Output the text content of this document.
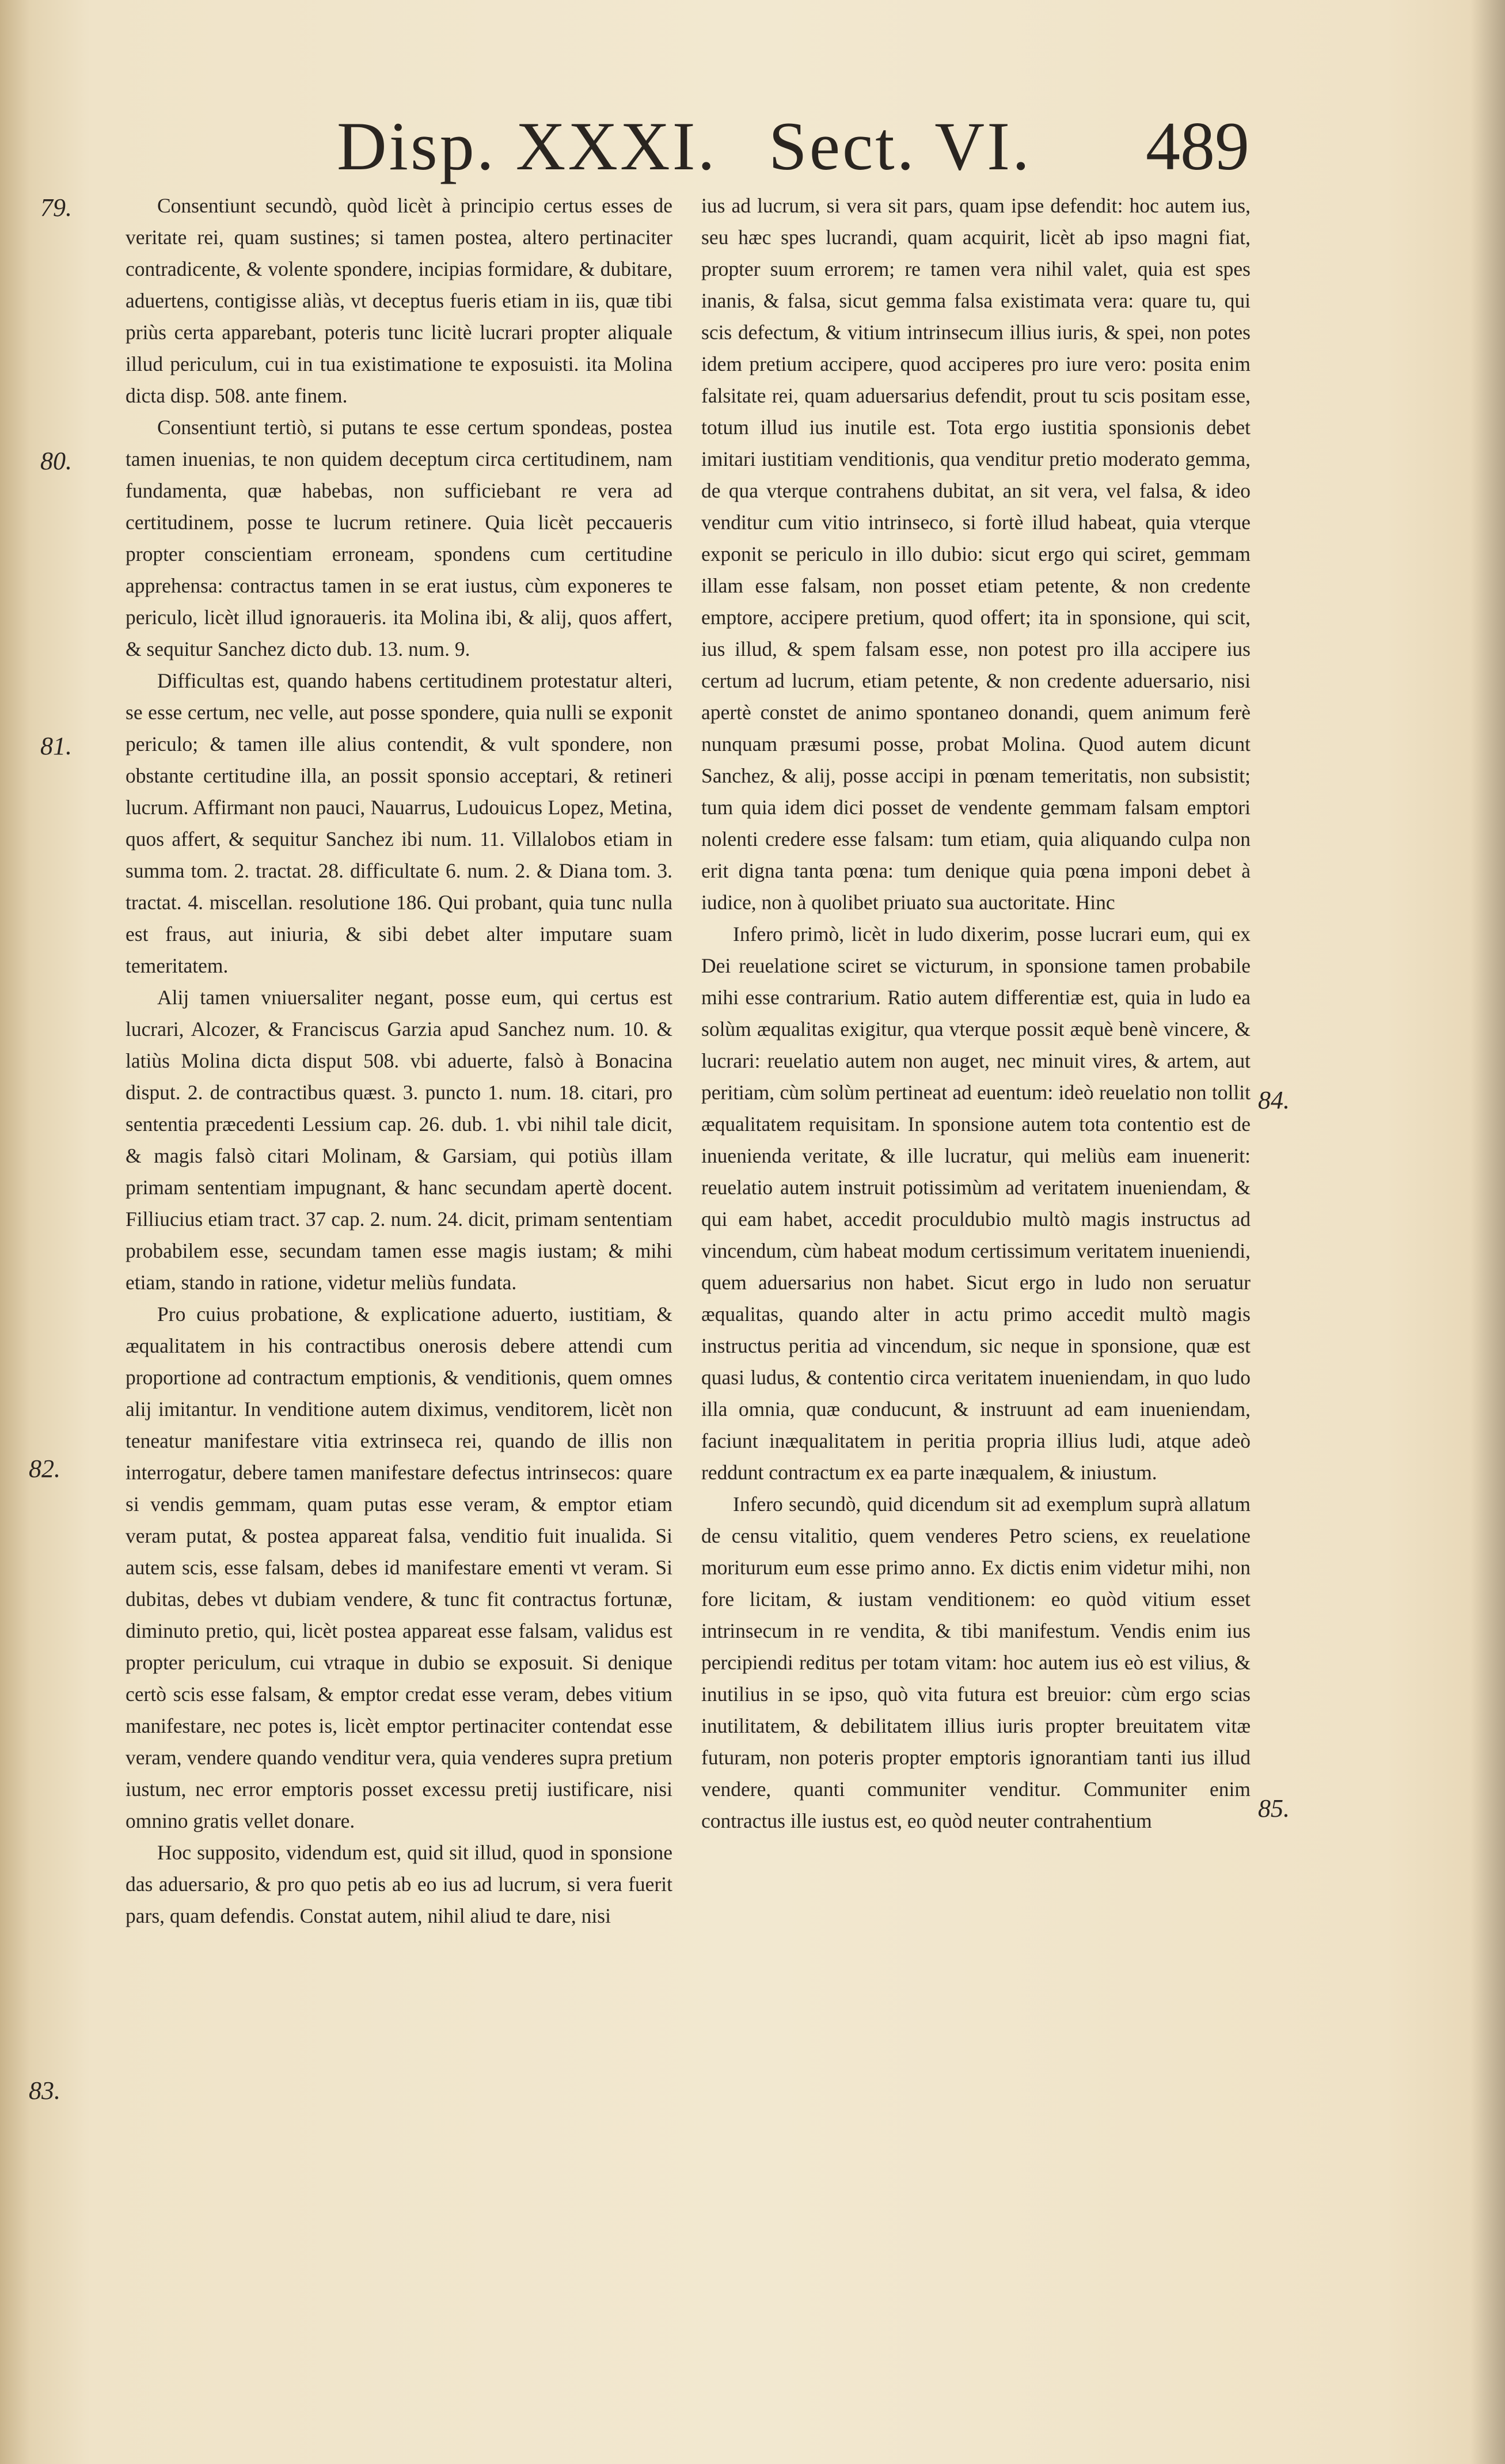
Disp. XXXI. Sect. VI. 489
79.
80.
81.
82.
83.
84.
85.

Consentiunt secundò, quòd licèt à principio certus esses de veritate rei, quam sustines; si tamen postea, altero pertinaciter contradicente, & volente spondere, incipias formidare, & dubitare, aduertens, contigisse aliàs, vt deceptus fueris etiam in iis, quæ tibi priùs certa apparebant, poteris tunc licitè lucrari propter aliquale illud periculum, cui in tua existimatione te exposuisti. ita Molina dicta disp. 508. ante finem.

Consentiunt tertiò, si putans te esse certum spondeas, postea tamen inuenias, te non quidem deceptum circa certitudinem, nam fundamenta, quæ habebas, non sufficiebant re vera ad certitudinem, posse te lucrum retinere. Quia licèt peccaueris propter conscientiam erroneam, spondens cum certitudine apprehensa: contractus tamen in se erat iustus, cùm exponeres te periculo, licèt illud ignoraueris. ita Molina ibi, & alij, quos affert, & sequitur Sanchez dicto dub. 13. num. 9.

Difficultas est, quando habens certitudinem protestatur alteri, se esse certum, nec velle, aut posse spondere, quia nulli se exponit periculo; & tamen ille alius contendit, & vult spondere, non obstante certitudine illa, an possit sponsio acceptari, & retineri lucrum. Affirmant non pauci, Nauarrus, Ludouicus Lopez, Metina, quos affert, & sequitur Sanchez ibi num. 11. Villalobos etiam in summa tom. 2. tractat. 28. difficultate 6. num. 2. & Diana tom. 3. tractat. 4. miscellan. resolutione 186. Qui probant, quia tunc nulla est fraus, aut iniuria, & sibi debet alter imputare suam temeritatem.

Alij tamen vniuersaliter negant, posse eum, qui certus est lucrari, Alcozer, & Franciscus Garzia apud Sanchez num. 10. & latiùs Molina dicta disput 508. vbi aduerte, falsò à Bonacina disput. 2. de contractibus quæst. 3. puncto 1. num. 18. citari, pro sententia præcedenti Lessium cap. 26. dub. 1. vbi nihil tale dicit, & magis falsò citari Molinam, & Garsiam, qui potiùs illam primam sententiam impugnant, & hanc secundam apertè docent. Filliucius etiam tract. 37 cap. 2. num. 24. dicit, primam sententiam probabilem esse, secundam tamen esse magis iustam; & mihi etiam, stando in ratione, videtur meliùs fundata.

Pro cuius probatione, & explicatione aduerto, iustitiam, & æqualitatem in his contractibus onerosis debere attendi cum proportione ad contractum emptionis, & venditionis, quem omnes alij imitantur. In venditione autem diximus, venditorem, licèt non teneatur manifestare vitia extrinseca rei, quando de illis non interrogatur, debere tamen manifestare defectus intrinsecos: quare si vendis gemmam, quam putas esse veram, & emptor etiam veram putat, & postea appareat falsa, venditio fuit inualida. Si autem scis, esse falsam, debes id manifestare ementi vt veram. Si dubitas, debes vt dubiam vendere, & tunc fit contractus fortunæ, diminuto pretio, qui, licèt postea appareat esse falsam, validus est propter periculum, cui vtraque in dubio se exposuit. Si denique certò scis esse falsam, & emptor credat esse veram, debes vitium manifestare, nec potes is, licèt emptor pertinaciter contendat esse veram, vendere quando venditur vera, quia venderes supra pretium iustum, nec error emptoris posset excessu pretij iustificare, nisi omnino gratis vellet donare.

Hoc supposito, videndum est, quid sit illud, quod in sponsione das aduersario, & pro quo petis ab eo ius ad lucrum, si vera fuerit pars, quam defendis. Constat autem, nihil aliud te dare, nisi

ius ad lucrum, si vera sit pars, quam ipse defendit: hoc autem ius, seu hæc spes lucrandi, quam acquirit, licèt ab ipso magni fiat, propter suum errorem; re tamen vera nihil valet, quia est spes inanis, & falsa, sicut gemma falsa existimata vera: quare tu, qui scis defectum, & vitium intrinsecum illius iuris, & spei, non potes idem pretium accipere, quod acciperes pro iure vero: posita enim falsitate rei, quam aduersarius defendit, prout tu scis positam esse, totum illud ius inutile est. Tota ergo iustitia sponsionis debet imitari iustitiam venditionis, qua venditur pretio moderato gemma, de qua vterque contrahens dubitat, an sit vera, vel falsa, & ideo venditur cum vitio intrinseco, si fortè illud habeat, quia vterque exponit se periculo in illo dubio: sicut ergo qui sciret, gemmam illam esse falsam, non posset etiam petente, & non credente emptore, accipere pretium, quod offert; ita in sponsione, qui scit, ius illud, & spem falsam esse, non potest pro illa accipere ius certum ad lucrum, etiam petente, & non credente aduersario, nisi apertè constet de animo spontaneo donandi, quem animum ferè nunquam præsumi posse, probat Molina. Quod autem dicunt Sanchez, & alij, posse accipi in pœnam temeritatis, non subsistit; tum quia idem dici posset de vendente gemmam falsam emptori nolenti credere esse falsam: tum etiam, quia aliquando culpa non erit digna tanta pœna: tum denique quia pœna imponi debet à iudice, non à quolibet priuato sua auctoritate. Hinc

Infero primò, licèt in ludo dixerim, posse lucrari eum, qui ex Dei reuelatione sciret se victurum, in sponsione tamen probabile mihi esse contrarium. Ratio autem differentiæ est, quia in ludo ea solùm æqualitas exigitur, qua vterque possit æquè benè vincere, & lucrari: reuelatio autem non auget, nec minuit vires, & artem, aut peritiam, cùm solùm pertineat ad euentum: ideò reuelatio non tollit æqualitatem requisitam. In sponsione autem tota contentio est de inuenienda veritate, & ille lucratur, qui meliùs eam inuenerit: reuelatio autem instruit potissimùm ad veritatem inueniendam, & qui eam habet, accedit proculdubio multò magis instructus ad vincendum, cùm habeat modum certissimum veritatem inueniendi, quem aduersarius non habet. Sicut ergo in ludo non seruatur æqualitas, quando alter in actu primo accedit multò magis instructus peritia ad vincendum, sic neque in sponsione, quæ est quasi ludus, & contentio circa veritatem inueniendam, in quo ludo illa omnia, quæ conducunt, & instruunt ad eam inueniendam, faciunt inæqualitatem in peritia propria illius ludi, atque adeò reddunt contractum ex ea parte inæqualem, & iniustum.

Infero secundò, quid dicendum sit ad exemplum suprà allatum de censu vitalitio, quem venderes Petro sciens, ex reuelatione moriturum eum esse primo anno. Ex dictis enim videtur mihi, non fore licitam, & iustam venditionem: eo quòd vitium esset intrinsecum in re vendita, & tibi manifestum. Vendis enim ius percipiendi reditus per totam vitam: hoc autem ius eò est vilius, & inutilius in se ipso, quò vita futura est breuior: cùm ergo scias inutilitatem, & debilitatem illius iuris propter breuitatem vitæ futuram, non poteris propter emptoris ignorantiam tanti ius illud vendere, quanti communiter venditur. Communiter enim contractus ille iustus est, eo quòd neuter contrahentium
